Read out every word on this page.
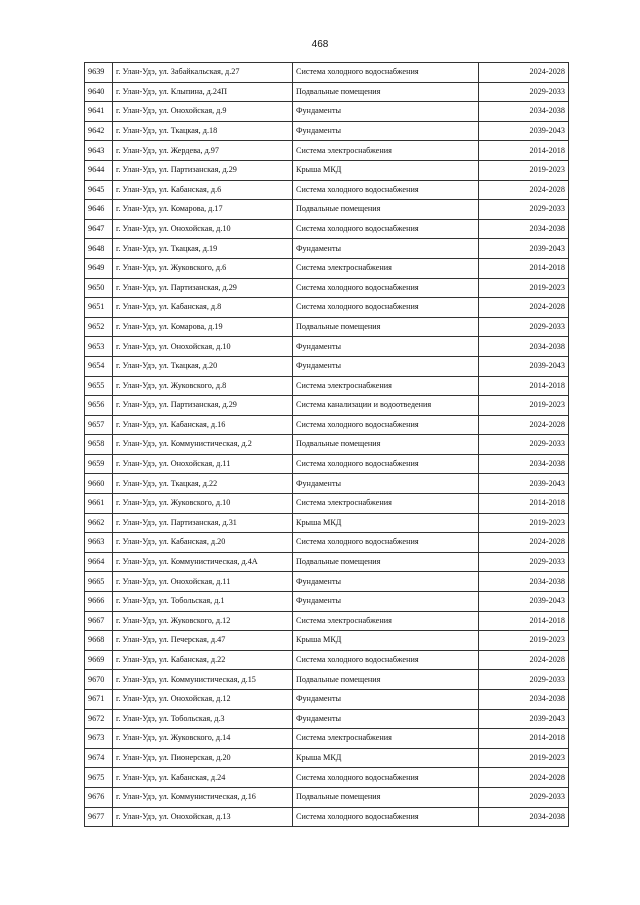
468
9639	г. Улан-Удэ, ул. Забайкальская, д.27	Система холодного водоснабжения	2024-2028
9640	г. Улан-Удэ, ул. Клыпина, д.24П	Подвальные помещения	2029-2033
9641	г. Улан-Удэ, ул. Онохойская, д.9	Фундаменты	2034-2038
9642	г. Улан-Удэ, ул. Ткацкая, д.18	Фундаменты	2039-2043
9643	г. Улан-Удэ, ул. Жердева, д.97	Система электроснабжения	2014-2018
9644	г. Улан-Удэ, ул. Партизанская, д.29	Крыша МКД	2019-2023
9645	г. Улан-Удэ, ул. Кабанская, д.6	Система холодного водоснабжения	2024-2028
9646	г. Улан-Удэ, ул. Комарова, д.17	Подвальные помещения	2029-2033
9647	г. Улан-Удэ, ул. Онохойская, д.10	Система холодного водоснабжения	2034-2038
9648	г. Улан-Удэ, ул. Ткацкая, д.19	Фундаменты	2039-2043
9649	г. Улан-Удэ, ул. Жуковского, д.6	Система электроснабжения	2014-2018
9650	г. Улан-Удэ, ул. Партизанская, д.29	Система холодного водоснабжения	2019-2023
9651	г. Улан-Удэ, ул. Кабанская, д.8	Система холодного водоснабжения	2024-2028
9652	г. Улан-Удэ, ул. Комарова, д.19	Подвальные помещения	2029-2033
9653	г. Улан-Удэ, ул. Онохойская, д.10	Фундаменты	2034-2038
9654	г. Улан-Удэ, ул. Ткацкая, д.20	Фундаменты	2039-2043
9655	г. Улан-Удэ, ул. Жуковского, д.8	Система электроснабжения	2014-2018
9656	г. Улан-Удэ, ул. Партизанская, д.29	Система канализации и водоотведения	2019-2023
9657	г. Улан-Удэ, ул. Кабанская, д.16	Система холодного водоснабжения	2024-2028
9658	г. Улан-Удэ, ул. Коммунистическая, д.2	Подвальные помещения	2029-2033
9659	г. Улан-Удэ, ул. Онохойская, д.11	Система холодного водоснабжения	2034-2038
9660	г. Улан-Удэ, ул. Ткацкая, д.22	Фундаменты	2039-2043
9661	г. Улан-Удэ, ул. Жуковского, д.10	Система электроснабжения	2014-2018
9662	г. Улан-Удэ, ул. Партизанская, д.31	Крыша МКД	2019-2023
9663	г. Улан-Удэ, ул. Кабанская, д.20	Система холодного водоснабжения	2024-2028
9664	г. Улан-Удэ, ул. Коммунистическая, д.4А	Подвальные помещения	2029-2033
9665	г. Улан-Удэ, ул. Онохойская, д.11	Фундаменты	2034-2038
9666	г. Улан-Удэ, ул. Тобольская, д.1	Фундаменты	2039-2043
9667	г. Улан-Удэ, ул. Жуковского, д.12	Система электроснабжения	2014-2018
9668	г. Улан-Удэ, ул. Печерская, д.47	Крыша МКД	2019-2023
9669	г. Улан-Удэ, ул. Кабанская, д.22	Система холодного водоснабжения	2024-2028
9670	г. Улан-Удэ, ул. Коммунистическая, д.15	Подвальные помещения	2029-2033
9671	г. Улан-Удэ, ул. Онохойская, д.12	Фундаменты	2034-2038
9672	г. Улан-Удэ, ул. Тобольская, д.3	Фундаменты	2039-2043
9673	г. Улан-Удэ, ул. Жуковского, д.14	Система электроснабжения	2014-2018
9674	г. Улан-Удэ, ул. Пионерская, д.20	Крыша МКД	2019-2023
9675	г. Улан-Удэ, ул. Кабанская, д.24	Система холодного водоснабжения	2024-2028
9676	г. Улан-Удэ, ул. Коммунистическая, д.16	Подвальные помещения	2029-2033
9677	г. Улан-Удэ, ул. Онохойская, д.13	Система холодного водоснабжения	2034-2038
